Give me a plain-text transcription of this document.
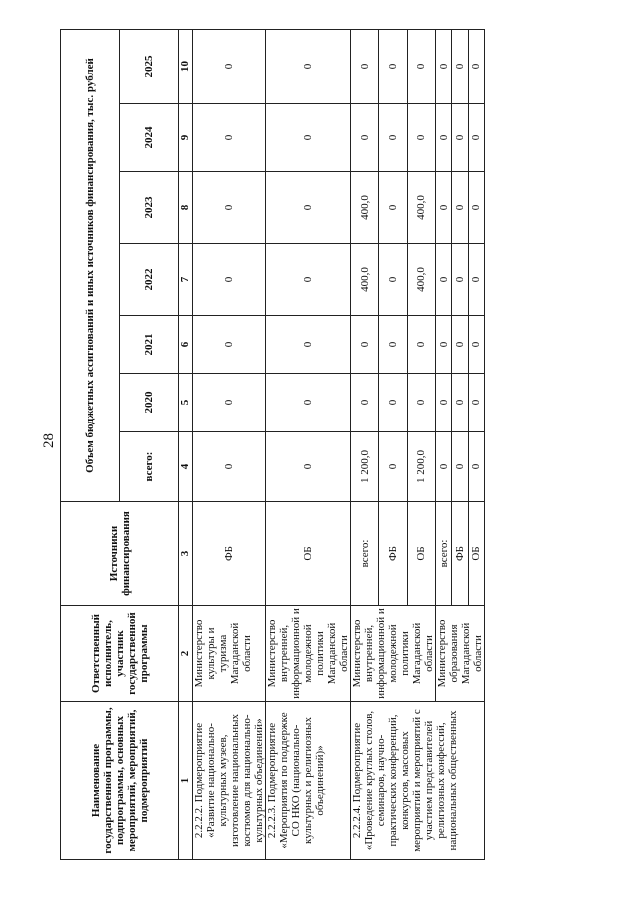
28
Наименование государственной программы, подпрограммы, основных мероприятий, мероприятий, подмероприятий	Ответственный исполнитель, участник государственной программы	Источники финансирования	Объем бюджетных ассигнований и иных источников финансирования, тыс. рублей						
			всего:	2020	2021	2022	2023	2024	2025
1	2	3	4	5	6	7	8	9	10
2.2.2.2. Подмероприятие «Развитие национально-культурных музеев, изготовление национальных костюмов для национально-культурных объединений»	Министерство культуры и туризма Магаданской области	ФБ	0	0	0	0	0	0	0
2.2.2.3. Подмероприятие «Мероприятия по поддержке СО НКО (национально-культурных и религиозных объединений)»	Министерство внутренней, информационной и молодежной политики Магаданской области	ОБ	0	0	0	0	0	0	0
2.2.2.4. Подмероприятие «Проведение круглых столов, семинаров, научно-практических конференций, конкурсов, массовых мероприятий и мероприятий с участием представителей религиозных конфессий, национальных общественных	Министерство внутренней, информационной и молодежной политики Магаданской области	всего:	1 200,0	0	0	400,0	400,0	0	0
		ФБ	0	0	0	0	0	0	0
		ОБ	1 200,0	0	0	400,0	400,0	0	0
	Министерство образования Магаданской области	всего:	0	0	0	0	0	0	0
		ФБ	0	0	0	0	0	0	0
		ОБ	0	0	0	0	0	0	0
